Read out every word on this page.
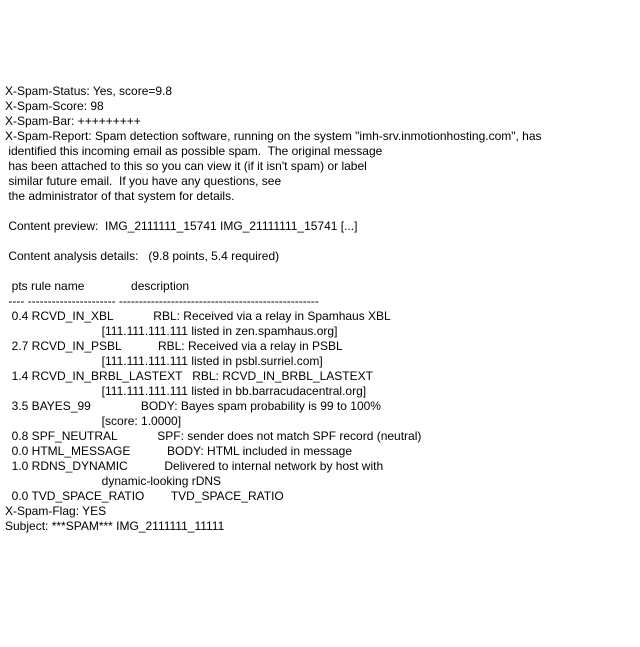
X-Spam-Status: Yes, score=9.8
X-Spam-Score: 98
X-Spam-Bar: +++++++++
X-Spam-Report: Spam detection software, running on the system "imh-srv.inmotionhosting.com", has
identified this incoming email as possible spam.  The original message
has been attached to this so you can view it (if it isn't spam) or label
similar future email.  If you have any questions, see
the administrator of that system for details.
Content preview:  IMG_2111111_15741 IMG_21111111_15741 [...]
Content analysis details:   (9.8 points, 5.4 required)
pts rule name              description
---- ---------------------- --------------------------------------------------
0.4 RCVD_IN_XBL            RBL: Received via a relay in Spamhaus XBL
[111.111.111.111 listed in zen.spamhaus.org]
2.7 RCVD_IN_PSBL           RBL: Received via a relay in PSBL
[111.111.111.111 listed in psbl.surriel.com]
1.4 RCVD_IN_BRBL_LASTEXT   RBL: RCVD_IN_BRBL_LASTEXT
[111.111.111.111 listed in bb.barracudacentral.org]
3.5 BAYES_99               BODY: Bayes spam probability is 99 to 100%
[score: 1.0000]
0.8 SPF_NEUTRAL            SPF: sender does not match SPF record (neutral)
0.0 HTML_MESSAGE           BODY: HTML included in message
1.0 RDNS_DYNAMIC           Delivered to internal network by host with
dynamic-looking rDNS
0.0 TVD_SPACE_RATIO        TVD_SPACE_RATIO
X-Spam-Flag: YES
Subject: ***SPAM*** IMG_2111111_11111
